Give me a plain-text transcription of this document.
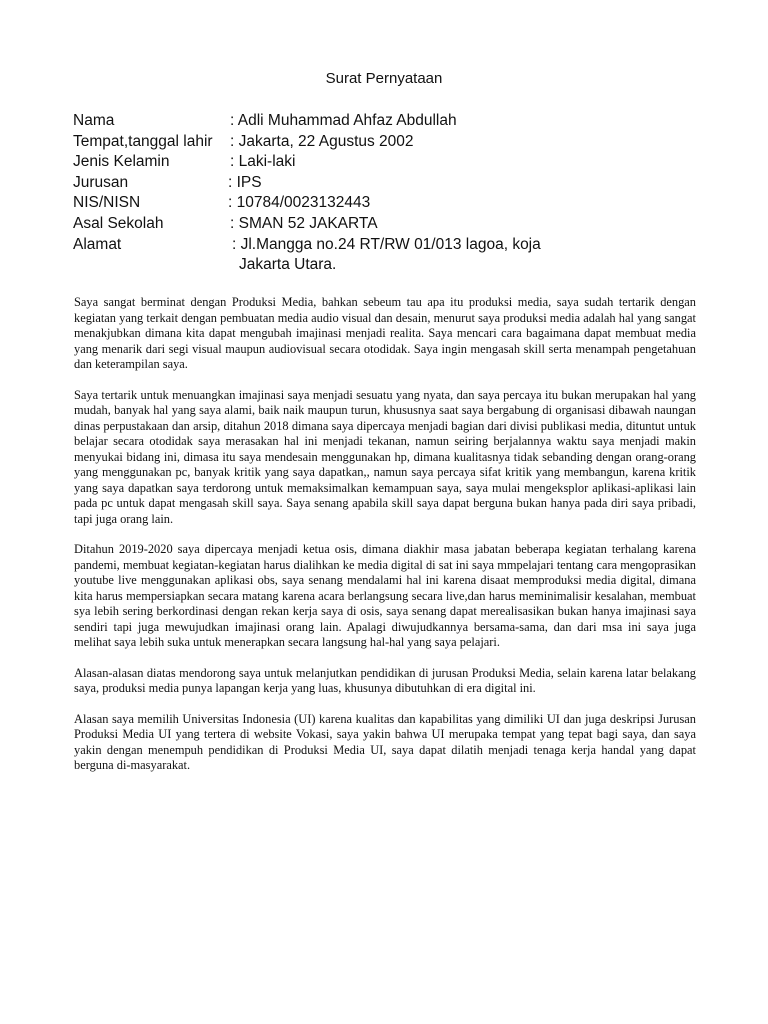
Surat Pernyataan
Nama	: Adli Muhammad Ahfaz Abdullah
Tempat,tanggal lahir : Jakarta, 22 Agustus 2002
Jenis Kelamin	: Laki-laki
Jurusan	: IPS
NIS/NISN	: 10784/0023132443
Asal Sekolah	: SMAN 52 JAKARTA
Alamat	: Jl.Mangga no.24 RT/RW 01/013 lagoa, koja
Jakarta Utara.

Saya sangat berminat dengan Produksi Media, bahkan sebeum tau apa itu produksi media, saya sudah tertarik dengan kegiatan yang terkait dengan pembuatan media audio visual dan desain, menurut saya produksi media adalah hal yang sangat menakjubkan dimana kita dapat mengubah imajinasi menjadi realita. Saya mencari cara bagaimana dapat membuat media yang menarik dari segi visual maupun audiovisual secara otodidak. Saya ingin mengasah skill serta menampah pengetahuan dan keterampilan saya.

Saya tertarik untuk menuangkan imajinasi saya menjadi sesuatu yang nyata, dan saya percaya itu bukan merupakan hal yang mudah, banyak hal yang saya alami, baik naik maupun turun, khususnya saat saya bergabung di organisasi dibawah naungan dinas perpustakaan dan arsip, ditahun 2018 dimana saya dipercaya menjadi bagian dari divisi publikasi media, dituntut untuk belajar secara otodidak saya merasakan hal ini menjadi tekanan, namun seiring berjalannya waktu saya menjadi makin menyukai bidang ini, dimasa itu saya mendesain menggunakan hp, dimana kualitasnya tidak sebanding dengan orang-orang yang menggunakan pc, banyak kritik yang saya dapatkan,, namun saya percaya sifat kritik yang membangun, karena kritik yang saya dapatkan saya terdorong untuk memaksimalkan kemampuan saya, saya mulai mengeksplor aplikasi-aplikasi lain pada pc untuk dapat mengasah skill saya. Saya senang apabila skill saya dapat berguna bukan hanya pada diri saya pribadi, tapi juga orang lain.

Ditahun 2019-2020 saya dipercaya menjadi ketua osis, dimana diakhir masa jabatan beberapa kegiatan terhalang karena pandemi, membuat kegiatan-kegiatan harus dialihkan ke media digital di sat ini saya mmpelajari tentang cara mengoprasikan youtube live menggunakan aplikasi obs, saya senang mendalami hal ini karena disaat memproduksi media digital, dimana kita harus mempersiapkan secara matang karena acara berlangsung secara live,dan harus meminimalisir kesalahan, membuat sya lebih sering berkordinasi dengan rekan kerja saya di osis, saya senang dapat merealisasikan bukan hanya imajinasi saya sendiri tapi juga mewujudkan imajinasi orang lain. Apalagi diwujudkannya bersama-sama, dan dari msa ini saya juga melihat saya lebih suka untuk menerapkan secara langsung hal-hal yang saya pelajari.

Alasan-alasan diatas mendorong saya untuk melanjutkan pendidikan di jurusan Produksi Media, selain karena latar belakang saya, produksi media punya lapangan kerja yang luas, khusunya dibutuhkan di era digital ini.

Alasan saya memilih Universitas Indonesia (UI) karena kualitas dan kapabilitas yang dimiliki UI dan juga deskripsi Jurusan Produksi Media UI yang tertera di website Vokasi, saya yakin bahwa UI merupaka tempat yang tepat bagi saya, dan saya yakin dengan menempuh pendidikan di Produksi Media UI, saya dapat dilatih menjadi tenaga kerja handal yang dapat berguna di-masyarakat.
